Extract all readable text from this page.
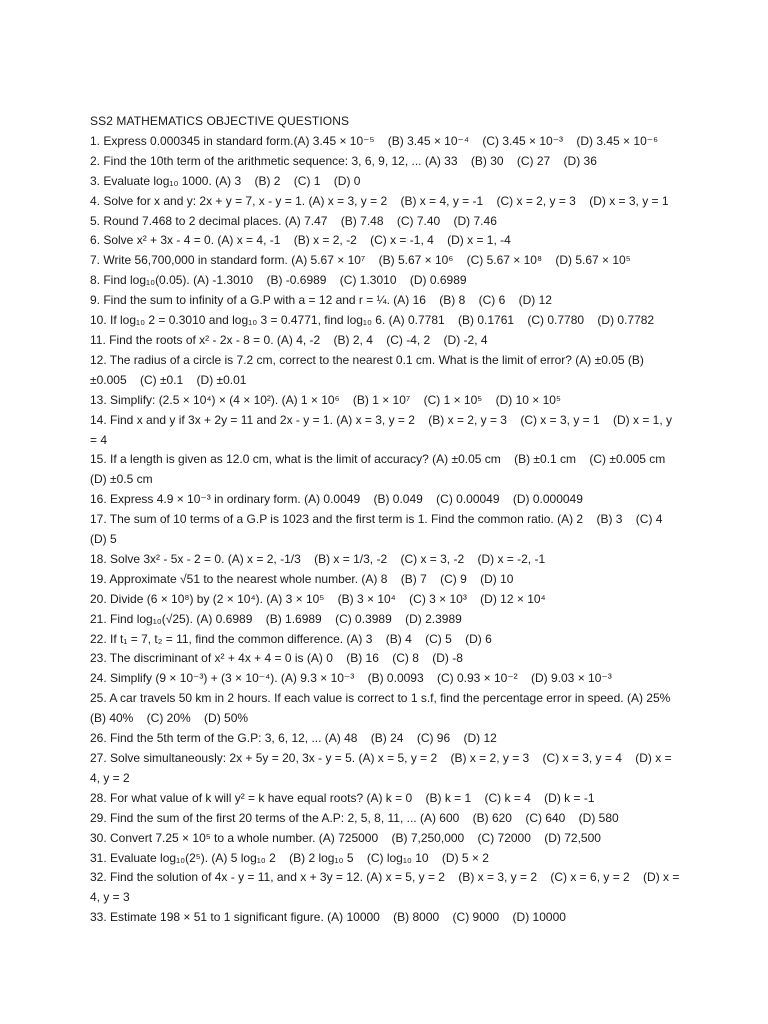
SS2 MATHEMATICS OBJECTIVE QUESTIONS
1. Express 0.000345 in standard form.(A) 3.45 × 10⁻⁵    (B) 3.45 × 10⁻⁴    (C) 3.45 × 10⁻³    (D) 3.45 × 10⁻⁶
2. Find the 10th term of the arithmetic sequence: 3, 6, 9, 12, ... (A) 33    (B) 30    (C) 27    (D) 36
3. Evaluate log₁₀ 1000. (A) 3    (B) 2    (C) 1    (D) 0
4. Solve for x and y: 2x + y = 7, x - y = 1. (A) x = 3, y = 2    (B) x = 4, y = -1    (C) x = 2, y = 3    (D) x = 3, y = 1
5. Round 7.468 to 2 decimal places. (A) 7.47    (B) 7.48    (C) 7.40    (D) 7.46
6. Solve x² + 3x - 4 = 0. (A) x = 4, -1    (B) x = 2, -2    (C) x = -1, 4    (D) x = 1, -4
7. Write 56,700,000 in standard form. (A) 5.67 × 10⁷    (B) 5.67 × 10⁶    (C) 5.67 × 10⁸    (D) 5.67 × 10⁵
8. Find log₁₀(0.05). (A) -1.3010    (B) -0.6989    (C) 1.3010    (D) 0.6989
9. Find the sum to infinity of a G.P with a = 12 and r = ¼. (A) 16    (B) 8    (C) 6    (D) 12
10. If log₁₀ 2 = 0.3010 and log₁₀ 3 = 0.4771, find log₁₀ 6. (A) 0.7781    (B) 0.1761    (C) 0.7780    (D) 0.7782
11. Find the roots of x² - 2x - 8 = 0. (A) 4, -2    (B) 2, 4    (C) -4, 2    (D) -2, 4
12. The radius of a circle is 7.2 cm, correct to the nearest 0.1 cm. What is the limit of error? (A) ±0.05 (B) ±0.005    (C) ±0.1    (D) ±0.01
13. Simplify: (2.5 × 10⁴) × (4 × 10²). (A) 1 × 10⁶    (B) 1 × 10⁷    (C) 1 × 10⁵    (D) 10 × 10⁵
14. Find x and y if 3x + 2y = 11 and 2x - y = 1. (A) x = 3, y = 2    (B) x = 2, y = 3    (C) x = 3, y = 1    (D) x = 1, y = 4
15. If a length is given as 12.0 cm, what is the limit of accuracy? (A) ±0.05 cm    (B) ±0.1 cm    (C) ±0.005 cm    (D) ±0.5 cm
16. Express 4.9 × 10⁻³ in ordinary form. (A) 0.0049    (B) 0.049    (C) 0.00049    (D) 0.000049
17. The sum of 10 terms of a G.P is 1023 and the first term is 1. Find the common ratio. (A) 2    (B) 3    (C) 4    (D) 5
18. Solve 3x² - 5x - 2 = 0. (A) x = 2, -1/3    (B) x = 1/3, -2    (C) x = 3, -2    (D) x = -2, -1
19. Approximate √51 to the nearest whole number. (A) 8    (B) 7    (C) 9    (D) 10
20. Divide (6 × 10⁸) by (2 × 10⁴). (A) 3 × 10⁵    (B) 3 × 10⁴    (C) 3 × 10³    (D) 12 × 10⁴
21. Find log₁₀(√25). (A) 0.6989    (B) 1.6989    (C) 0.3989    (D) 2.3989
22. If t₁ = 7, t₂ = 11, find the common difference. (A) 3    (B) 4    (C) 5    (D) 6
23. The discriminant of x² + 4x + 4 = 0 is (A) 0    (B) 16    (C) 8    (D) -8
24. Simplify (9 × 10⁻³) + (3 × 10⁻⁴). (A) 9.3 × 10⁻³    (B) 0.0093    (C) 0.93 × 10⁻²    (D) 9.03 × 10⁻³
25. A car travels 50 km in 2 hours. If each value is correct to 1 s.f, find the percentage error in speed. (A) 25%    (B) 40%    (C) 20%    (D) 50%
26. Find the 5th term of the G.P: 3, 6, 12, ... (A) 48    (B) 24    (C) 96    (D) 12
27. Solve simultaneously: 2x + 5y = 20, 3x - y = 5. (A) x = 5, y = 2    (B) x = 2, y = 3    (C) x = 3, y = 4    (D) x = 4, y = 2
28. For what value of k will y² = k have equal roots? (A) k = 0    (B) k = 1    (C) k = 4    (D) k = -1
29. Find the sum of the first 20 terms of the A.P: 2, 5, 8, 11, ... (A) 600    (B) 620    (C) 640    (D) 580
30. Convert 7.25 × 10⁵ to a whole number. (A) 725000    (B) 7,250,000    (C) 72000    (D) 72,500
31. Evaluate log₁₀(2⁵). (A) 5 log₁₀ 2    (B) 2 log₁₀ 5    (C) log₁₀ 10    (D) 5 × 2
32. Find the solution of 4x - y = 11, and x + 3y = 12. (A) x = 5, y = 2    (B) x = 3, y = 2    (C) x = 6, y = 2    (D) x = 4, y = 3
33. Estimate 198 × 51 to 1 significant figure. (A) 10000    (B) 8000    (C) 9000    (D) 10000
